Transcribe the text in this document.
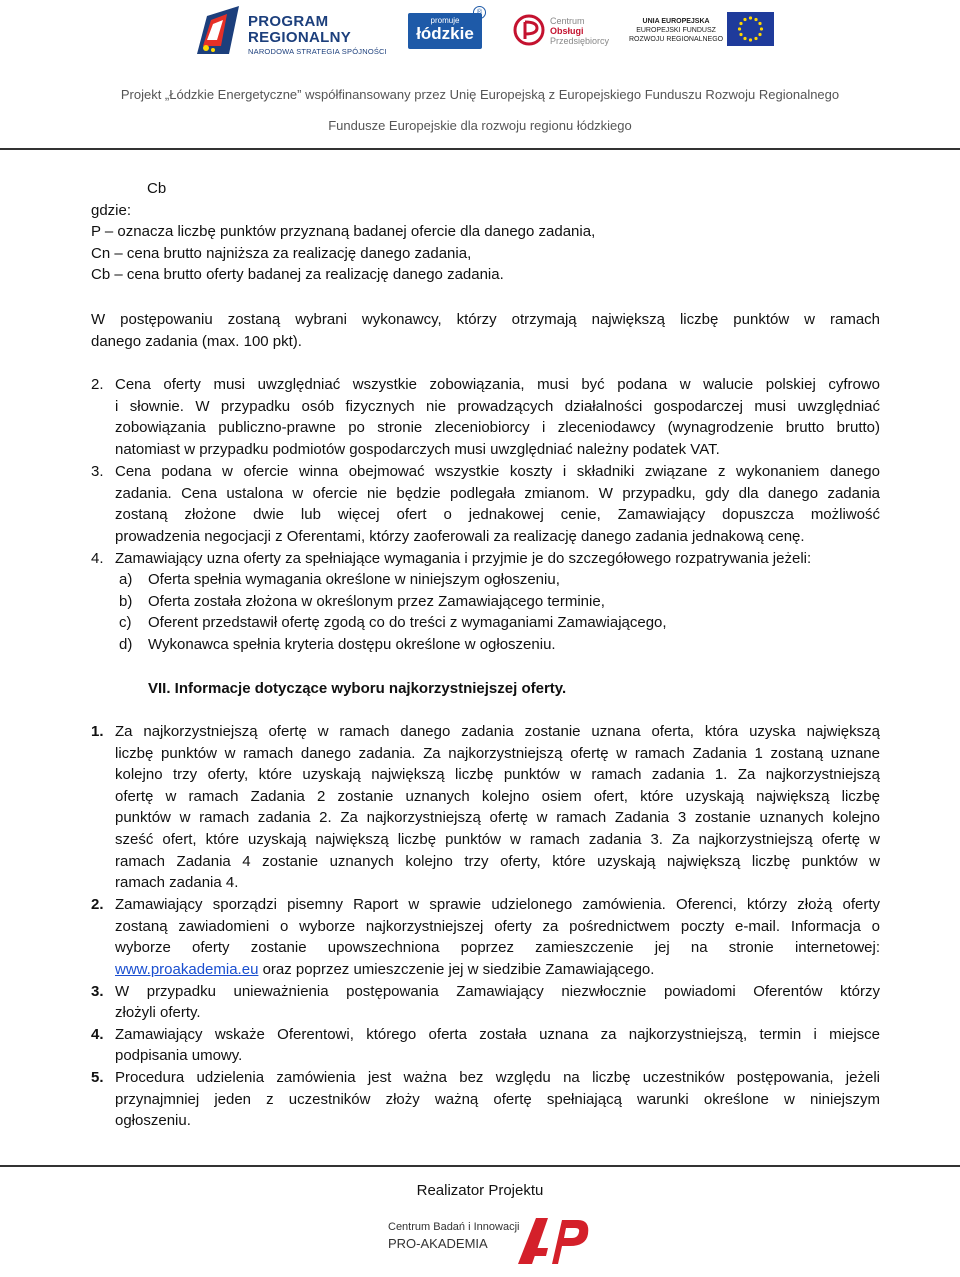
PROGRAM
REGIONALNY
NARODOWA STRATEGIA SPÓJNOŚCI
promuje
łódzkie
®
Centrum
Obsługi
Przedsiębiorcy
UNIA EUROPEJSKA
EUROPEJSKI FUNDUSZ
ROZWOJU REGIONALNEGO
Projekt „Łódzkie Energetyczne” współfinansowany przez Unię Europejską z Europejskiego Funduszu Rozwoju Regionalnego
Fundusze Europejskie dla rozwoju regionu łódzkiego
Cb
gdzie:
P – oznacza liczbę punktów przyznaną badanej ofercie dla danego zadania,
Cn – cena brutto najniższa za realizację danego zadania,
Cb – cena brutto oferty badanej za realizację danego zadania.
W postępowaniu zostaną wybrani wykonawcy, którzy otrzymają największą liczbę punktów w ramach
danego zadania (max. 100 pkt).
2. Cena oferty musi uwzględniać wszystkie zobowiązania, musi być podana w walucie polskiej cyfrowo
i słownie. W przypadku osób fizycznych nie prowadzących działalności gospodarczej musi uwzględniać
zobowiązania publiczno-prawne po stronie zleceniobiorcy i zleceniodawcy (wynagrodzenie brutto brutto)
natomiast w przypadku podmiotów gospodarczych musi uwzględniać należny podatek VAT.
3. Cena podana w ofercie winna obejmować wszystkie koszty i składniki związane z wykonaniem danego
zadania. Cena ustalona w ofercie nie będzie podlegała zmianom. W przypadku, gdy dla danego zadania
zostaną złożone dwie lub więcej ofert o jednakowej cenie, Zamawiający dopuszcza możliwość
prowadzenia negocjacji z Oferentami, którzy zaoferowali za realizację danego zadania jednakową cenę.
4. Zamawiający uzna oferty za spełniające wymagania i przyjmie je do szczegółowego rozpatrywania jeżeli:
a) Oferta spełnia wymagania określone w niniejszym ogłoszeniu,
b) Oferta została złożona w określonym przez Zamawiającego terminie,
c) Oferent przedstawił ofertę zgodą co do treści z wymaganiami Zamawiającego,
d) Wykonawca spełnia kryteria dostępu określone w ogłoszeniu.
VII. Informacje dotyczące wyboru najkorzystniejszej oferty.
1. Za najkorzystniejszą ofertę w ramach danego zadania zostanie uznana oferta, która uzyska największą
liczbę punktów w ramach danego zadania. Za najkorzystniejszą ofertę w ramach Zadania 1 zostaną uznane
kolejno trzy oferty, które uzyskają największą liczbę punktów w ramach zadania 1. Za najkorzystniejszą
ofertę w ramach Zadania 2 zostanie uznanych kolejno osiem ofert, które uzyskają największą liczbę
punktów w ramach zadania 2. Za najkorzystniejszą ofertę w ramach Zadania 3 zostanie uznanych kolejno
sześć ofert, które uzyskają największą liczbę punktów w ramach zadania 3. Za najkorzystniejszą ofertę w
ramach Zadania 4 zostanie uznanych kolejno trzy oferty, które uzyskają największą liczbę punktów w
ramach zadania 4.
2. Zamawiający sporządzi pisemny Raport w sprawie udzielonego zamówienia. Oferenci, którzy złożą oferty
zostaną zawiadomieni o wyborze najkorzystniejszej oferty za pośrednictwem poczty e-mail. Informacja o
wyborze oferty zostanie upowszechniona poprzez zamieszczenie jej na stronie internetowej:
www.proakademia.eu oraz poprzez umieszczenie jej w siedzibie Zamawiającego.
3. W przypadku unieważnienia postępowania Zamawiający niezwłocznie powiadomi Oferentów którzy
złożyli oferty.
4. Zamawiający wskaże Oferentowi, którego oferta została uznana za najkorzystniejszą, termin i miejsce
podpisania umowy.
5. Procedura udzielenia zamówienia jest ważna bez względu na liczbę uczestników postępowania, jeżeli
przynajmniej jeden z uczestników złoży ważną ofertę spełniającą warunki określone w niniejszym
ogłoszeniu.
Realizator Projektu
Centrum Badań i Innowacji
PRO-AKADEMIA
